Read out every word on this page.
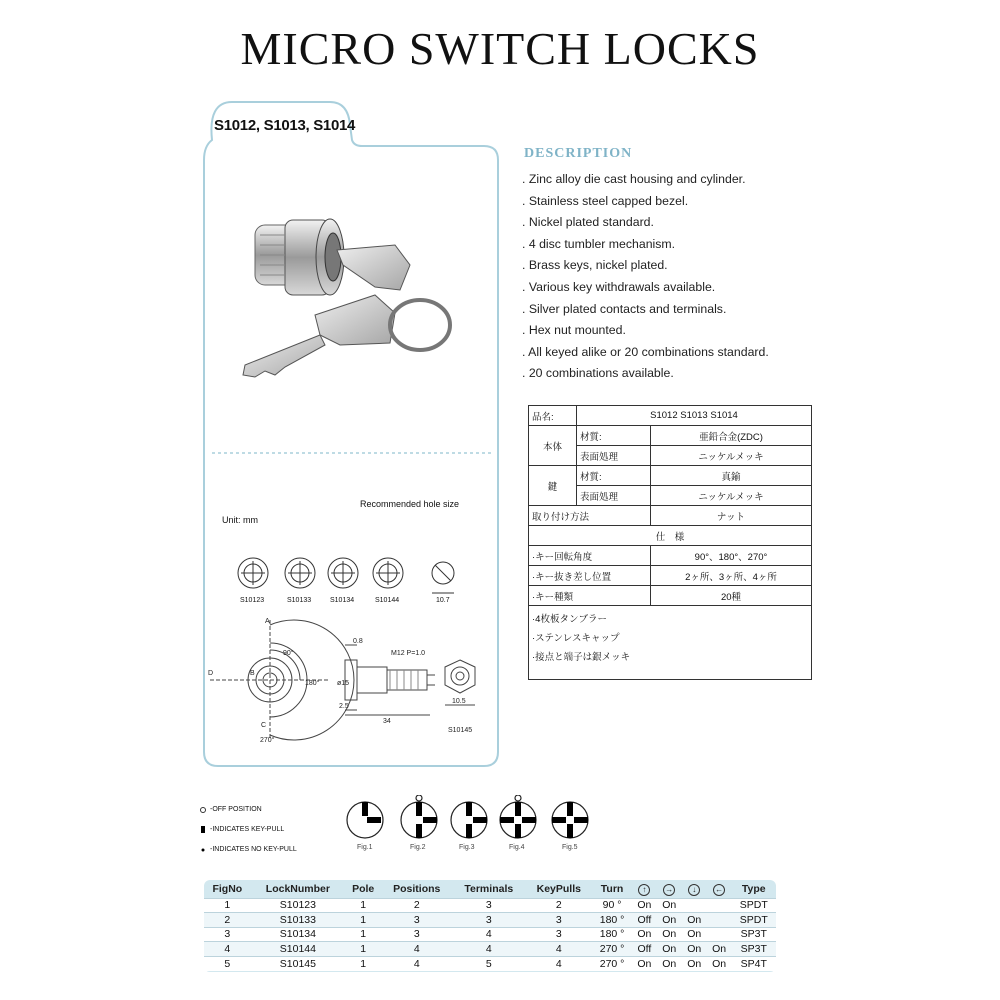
MICRO SWITCH LOCKS
S1012, S1013, S1014
Recommended hole size
Unit: mm
S10123	S10133	S10134	S10144	10.7
A
B
C
D
90°
180°
270°
0.8
M12 P=1.0
ø15
2.5
34
10.5
S10145
DESCRIPTION
. Zinc alloy die cast housing and cylinder.
. Stainless steel capped bezel.
. Nickel plated standard.
. 4 disc tumbler mechanism.
. Brass keys, nickel plated.
. Various key withdrawals available.
. Silver plated contacts and terminals.
. Hex nut mounted.
. All keyed alike or 20 combinations standard.
. 20 combinations available.
品名:	S1012 S1013 S1014	
本体	材質:	亜鉛合金(ZDC)
	表面処理	ニッケルメッキ
鍵	材質:	真鍮
	表面処理	ニッケルメッキ
取り付け方法		ナット
仕　様		
·キー回転角度		90°、180°、270°
·キー抜き差し位置		2ヶ所、3ヶ所、4ヶ所
·キー種類		20種

·4枚板タンブラー
·ステンレスキャップ
·接点と端子は銀メッキ		
-OFF POSITION
-INDICATES KEY-PULL
-INDICATES NO KEY-PULL	Fig.1	Fig.2	Fig.3	Fig.4	Fig.5
FigNo	LockNumber	Pole	Positions	Terminals	KeyPulls	Turn	↑	→	↓	←	Type
1	S10123	1	2	3	2	90 °	On	On			SPDT
2	S10133	1	3	3	3	180 °	Off	On	On		SPDT
3	S10134	1	3	4	3	180 °	On	On	On		SP3T
4	S10144	1	4	4	4	270 °	Off	On	On	On	SP3T
5	S10145	1	4	5	4	270 °	On	On	On	On	SP4T
